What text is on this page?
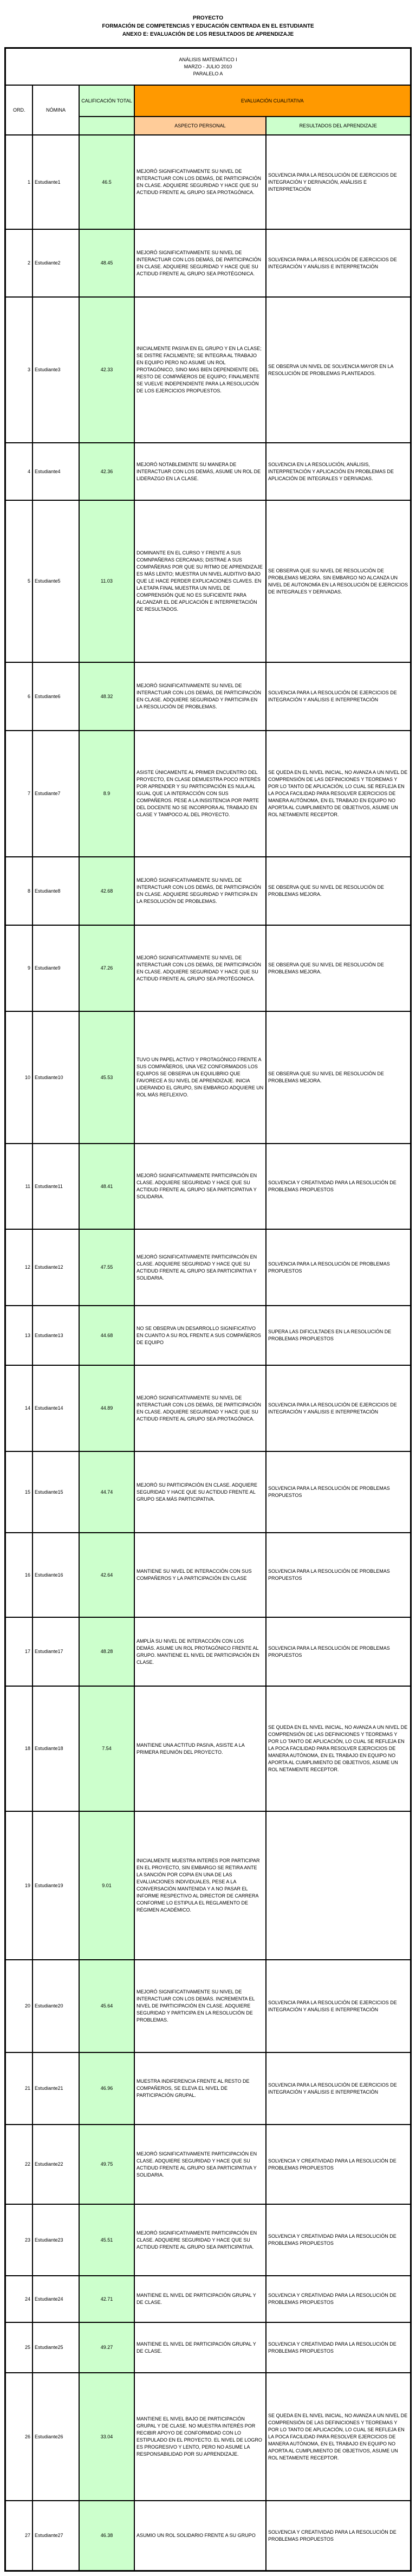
PROYECTO
FORMACIÓN DE COMPETENCIAS Y EDUCACIÓN CENTRADA EN EL ESTUDIANTE
ANEXO E: EVALUACIÓN DE LOS RESULTADOS DE APRENDIZAJE
ANÁLISIS MATEMÁTICO I
MARZO - JULIO 2010
PARALELO A				

ORD.	NÓMINA	CALIFICACIÓN TOTAL	EVALUACIÓN CUALITATIVA	
			ASPECTO PERSONAL	RESULTADOS DEL APRENDIZAJE
1	Estudiante1	46.5	MEJORÓ SIGNIFICATIVAMENTE SU NIVEL DE INTERACTUAR CON LOS DEMÁS, DE PARTICIPACIÓN EN CLASE. ADQUIERE SEGURIDAD Y HACE QUE SU ACTIDUD FRENTE AL GRUPO SEA PROTAGÓNICA.	SOLVENCIA PARA LA RESOLUCIÓN DE EJERCICIOS DE INTEGRACIÓN Y DERIVACIÓN, ANÁLISIS E INTERPRETACIÓN
2	Estudiante2	48.45	MEJORÓ SIGNIFICATIVAMENTE SU NIVEL DE INTERACTUAR CON LOS DEMÁS, DE PARTICIPACIÓN EN CLASE. ADQUIERE SEGURIDAD Y HACE QUE SU ACTIDUD FRENTE AL GRUPO SEA PROTÉGONICA.	SOLVENCIA PARA LA RESOLUCIÓN DE EJERCICIOS DE INTEGRACIÓN Y ANÁLISIS E INTERPRETACIÓN
3	Estudiante3	42.33	INICIALMENTE PASIVA EN EL GRUPO Y EN LA CLASE; SE DISTRE FACILMENTE; SE INTEGRA AL TRABAJO EN EQUIPO PERO NO ASUME UN ROL PROTAGÓNICO, SINO MAS BIEN DEPENDIENTE DEL RESTO DE COMPAÑEROS DE EQUIPO; FINALMENTE SE VUELVE INDEPENDIENTE PARA LA RESOLUCIÓN DE LOS EJERCICIOS PROPUESTOS.	SE OBSERVA UN NIVEL DE SOLVENCIA MAYOR EN LA RESOLUCIÓN DE PROBLEMAS PLANTEADOS.
4	Estudiante4	42.36	MEJORÓ NOTABLEMENTE SU MANERA DE INTERACTUAR CON LOS DEMÁS, ASUME UN ROL DE LIDERAZGO EN LA CLASE.	SOLVENCIA EN LA RESOLUCIÓN, ANÁLISIS, INTERPRETACIÓN Y APLICACIÓN EN PROBLEMAS DE APLICACIÓN DE INTEGRALES Y DERIVADAS.
5	Estudiante5	11.03	DOMINANTE EN EL CURSO Y FRENTE A SUS COMNPAÑERAS CERCANAS; DISTRAE A SUS COMPAÑERAS POR QUE SU RITMO DE APRENDIZAJE ES MÁS LENTO; MUESTRA UN NIVEL AUDITIVO BAJO QUE LE HACE PERDER EXPLICACIONES CLAVES. EN LA ETAPA FINAL MUESTRA UN NIVEL DE COMPRENSIÓN QUE NO ES SUFICIENTE PARA ALCANZAR EL DE APLICACIÓN E INTERPRETACIÓN DE RESULTADOS.	SE OBSERVA QUE SU NIVEL DE RESOLUCIÓN DE PROBLEMAS MEJORA. SIN EMBARGO NO ALCANZA UN NIVEL DE AUTONOMÍA EN LA RESOLUCIÓN DE EJERCICIOS DE INTEGRALES Y DERIVADAS.
6	Estudiante6	48.32	MEJORÓ SIGNIFICATIVAMENTE SU NIVEL DE INTERACTUAR CON LOS DEMÁS, DE PARTICIPACIÓN EN CLASE. ADQUIERE SEGURIDAD Y PARTICIPA EN LA RESOLUCIÓN DE PROBLEMAS.	SOLVENCIA PARA LA RESOLUCIÓN DE EJERCICIOS DE INTEGRACIÓN Y ANÁLISIS E INTERPRETACIÓN
7	Estudiante7	8.9	ASISTE ÚNICAMENTE AL PRIMER ENCUENTRO DEL PROYECTO, EN CLASE DEMUESTRA POCO INTERÉS POR APRENDER Y SU PARTICIPACIÓN ES NULA AL IGUAL QUE LA INTERACCIÓN CON SUS COMPAÑEROS. PESE A LA INSISTENCIA POR PARTE DEL DOCENTE NO SE INCORPORA AL TRABAJO EN CLASE Y TAMPOCO AL DEL PROYECTO.	SE QUEDA EN EL NIVEL INICIAL, NO AVANZA A UN NIVEL DE COMPRENSIÓN DE LAS DEFINICIONES Y TEOREMAS Y POR LO TANTO DE APLICACIÓN, LO CUAL SE REFLEJA EN LA POCA FACILIDAD PARA RESOLVER EJERCICIOS DE MANERA AUTÓNOMA, EN EL TRABAJO EN EQUIPO NO APORTA AL CUMPLIMIENTO DE OBJETIVOS, ASUME UN ROL NETAMENTE RECEPTOR.
8	Estudiante8	42.68	MEJORÓ SIGNIFICATIVAMENTE SU NIVEL DE INTERACTUAR CON LOS DEMÁS, DE PARTICIPACIÓN EN CLASE. ADQUIERE SEGURIDAD Y PARTICIPA EN LA RESOLUCIÓN DE PROBLEMAS.	SE OBSERVA QUE SU NIVEL DE RESOLUCIÓN DE PROBLEMAS MEJORA.
9	Estudiante9	47.26	MEJORÓ SIGNIFICATIVAMENTE SU NIVEL DE INTERACTUAR CON LOS DEMÁS, DE PARTICIPACIÓN EN CLASE. ADQUIERE SEGURIDAD Y HACE QUE SU ACTIDUD FRENTE AL GRUPO SEA PROTÉGONICA.	SE OBSERVA QUE SU NIVEL DE RESOLUCIÓN DE PROBLEMAS MEJORA.
10	Estudiante10	45.53	TUVO UN PAPEL ACTIVO Y PROTAGÓNICO FRENTE A SUS COMPAÑEROS, UNA VEZ CONFORMADOS LOS EQUIPOS SE OBSERVA UN EQUILIBRIO QUE FAVORECE A SU NIVEL DE APRENDIZAJE. INICIA LIDERANDO EL GRUPO, SIN EMBARGO ADQUIERE UN ROL MÁS REFLEXIVO.	SE OBSERVA QUE SU NIVEL DE RESOLUCIÓN DE PROBLEMAS MEJORA.
11	Estudiante11	48.41	MEJORÓ SIGNIFICATIVAMENTE PARTICIPACIÓN EN CLASE. ADQUIERE SEGURIDAD Y HACE QUE SU ACTIDUD FRENTE AL GRUPO SEA PARTICIPATIVA Y SOLIDARIA.	SOLVENCIA Y CREATIVIDAD PARA LA RESOLUCIÓN DE PROBLEMAS PROPUESTOS
12	Estudiante12	47.55	MEJORÓ SIGNIFICATIVAMENTE PARTICIPACIÓN EN CLASE. ADQUIERE SEGURIDAD Y HACE QUE SU ACTIDUD FRENTE AL GRUPO SEA PARTICIPATIVA Y SOLIDARIA.	SOLVENCIA PARA LA RESOLUCIÓN DE PROBLEMAS PROPUESTOS
13	Estudiante13	44.68	NO SE OBSERVA UN DESARROLLO SIGNIFICATIVO EN CUANTO A SU ROL FRENTE A SUS COMPAÑEROS DE EQUIPO	SUPERA LAS DIFICULTADES EN LA RESOLUCIÓN DE PROBLEMAS PROPUESTOS
14	Estudiante14	44.89	MEJORÓ SIGNIFICATIVAMENTE SU NIVEL DE INTERACTUAR CON LOS DEMÁS, DE PARTICIPACIÓN EN CLASE. ADQUIERE SEGURIDAD Y HACE QUE SU ACTIDUD FRENTE AL GRUPO SEA PROTAGÓNICA.	SOLVENCIA PARA LA RESOLUCIÓN DE EJERCICIOS DE INTEGRACIÓN Y ANÁLISIS E INTERPRETACIÓN
15	Estudiante15	44.74	MEJORÓ SU PARTICIPACIÓN EN CLASE. ADQUIERE SEGURIDAD Y HACE QUE SU ACTIDUD FRENTE AL GRUPO SEA MÁS PARTICIPATIVA.	SOLVENCIA PARA LA RESOLUCIÓN DE PROBLEMAS PROPUESTOS
16	Estudiante16	42.64	MANTIENE SU NIVEL DE INTERACCIÓN CON SUS COMPAÑEROS Y LA PARTICIPACIÓN EN CLASE	SOLVENCIA PARA LA RESOLUCIÓN DE PROBLEMAS PROPUESTOS
17	Estudiante17	48.28	AMPLÍA SU NIVEL DE INTERACCIÓN CON LOS DEMÁS. ASUME UN ROL PROTAGÓNICO FRENTE AL GRUPO. MANTIENE EL NIVEL DE PARTICIPACIÓN EN CLASE.	SOLVENCIA PARA LA RESOLUCIÓN DE PROBLEMAS PROPUESTOS
18	Estudiante18	7.54	MANTIENE UNA ACTITUD PASIVA, ASISTE A LA PRIMERA REUNIÓN DEL PROYECTO.	SE QUEDA EN EL NIVEL INICIAL, NO AVANZA A UN NIVEL DE COMPRENSIÓN DE LAS DEFINICIONES Y TEOREMAS Y POR LO TANTO DE APLICACIÓN, LO CUAL SE REFLEJA EN LA POCA FACILIDAD PARA RESOLVER EJERCICIOS DE MANERA AUTÓNOMA, EN EL TRABAJO EN EQUIPO NO APORTA AL CUMPLIMIENTO DE OBJETIVOS, ASUME UN ROL NETAMENTE RECEPTOR.
19	Estudiante19	9.01	INICIALMENTE MUESTRA INTERÉS POR PARTICIPAR EN EL PROYECTO, SIN EMBARGO SE RETIRA ANTE LA SANCIÓN POR COPIA EN UNA DE LAS EVALUACIONES INDIVIDUALES, PESE A LA CONVERSACIÓN MANTENIDA Y A NO PASAR EL INFORME RESPECTIVO AL DIRECTOR DE CARRERA CONFORME LO ESTIPULA EL REGLAMENTO DE RÉGIMEN ACADÉMICO.	
20	Estudiante20	45.64	MEJORÓ SIGNIFICATIVAMENTE SU NIVEL DE INTERACTUAR CON LOS DEMÁS. INCREMENTA EL NIVEL DE PARTICIPACIÓN EN CLASE. ADQUIERE SEGURIDAD Y PARTICIPA EN LA RESOLUCIÓN DE PROBLEMAS.	SOLVENCIA PARA LA RESOLUCIÓN DE EJERCICIOS DE INTEGRACIÓN Y ANÁLISIS E INTERPRETACIÓN
21	Estudiante21	46.96	MUESTRA INDIFERENCIA FRENTE AL RESTO DE COMPAÑEROS, SE ELEVA EL NIVEL DE PARTICIPACIÓN GRUPAL.	SOLVENCIA PARA LA RESOLUCIÓN DE EJERCICIOS DE INTEGRACIÓN Y ANÁLISIS E INTERPRETACIÓN
22	Estudiante22	49.75	MEJORÓ SIGNIFICATIVAMENTE PARTICIPACIÓN EN CLASE. ADQUIERE SEGURIDAD Y HACE QUE SU ACTIDUD FRENTE AL GRUPO SEA PARTICIPATIVA Y SOLIDARIA.	SOLVENCIA Y CREATIVIDAD PARA LA RESOLUCIÓN DE PROBLEMAS PROPUESTOS
23	Estudiante23	45.51	MEJORÓ SIGNIFICATIVAMENTE PARTICIPACIÓN EN CLASE. ADQUIERE SEGURIDAD Y HACE QUE SU ACTIDUD FRENTE AL GRUPO SEA PARTICIPATIVA.	SOLVENCIA Y CREATIVIDAD PARA LA RESOLUCIÓN DE PROBLEMAS PROPUESTOS
24	Estudiante24	42.71	MANTIENE EL NIVEL DE PARTICIPACIÓN GRUPAL Y DE CLASE.	SOLVENCIA Y CREATIVIDAD PARA LA RESOLUCIÓN DE PROBLEMAS PROPUESTOS
25	Estudiante25	49.27	MANTIENE EL NIVEL DE PARTICIPACIÓN GRUPAL Y DE CLASE.	SOLVENCIA Y CREATIVIDAD PARA LA RESOLUCIÓN DE PROBLEMAS PROPUESTOS
26	Estudiante26	33.04	MANTIENE EL NIVEL BAJO DE PARTICIPACIÓN GRUPAL Y DE CLASE. NO MUESTRA INTERÉS POR RECIBIR APOYO DE CONFORMIDAD CON LO ESTIPULADO EN EL PROYECTO. EL NIVEL DE LOGRO ES PROGRESIVO Y LENTO, PERO NO ASUME LA RESPONSABILIDAD POR SU APRENDIZAJE.	SE QUEDA EN EL NIVEL INICIAL, NO AVANZA A UN NIVEL DE COMPRENSIÓN DE LAS DEFINICIONES Y TEOREMAS Y POR LO TANTO DE APLICACIÓN, LO CUAL SE REFLEJA EN LA POCA FACILIDAD PARA RESOLVER EJERCICIOS DE MANERA AUTÓNOMA, EN EL TRABAJO EN EQUIPO NO APORTA AL CUMPLIMIENTO DE OBJETIVOS, ASUME UN ROL NETAMENTE RECEPTOR.
27	Estudiante27	46.38	ASUMIO UN ROL SOLIDARIO FRENTE A SU GRUPO	SOLVENCIA Y CREATIVIDAD PARA LA RESOLUCIÓN DE PROBLEMAS PROPUESTOS
